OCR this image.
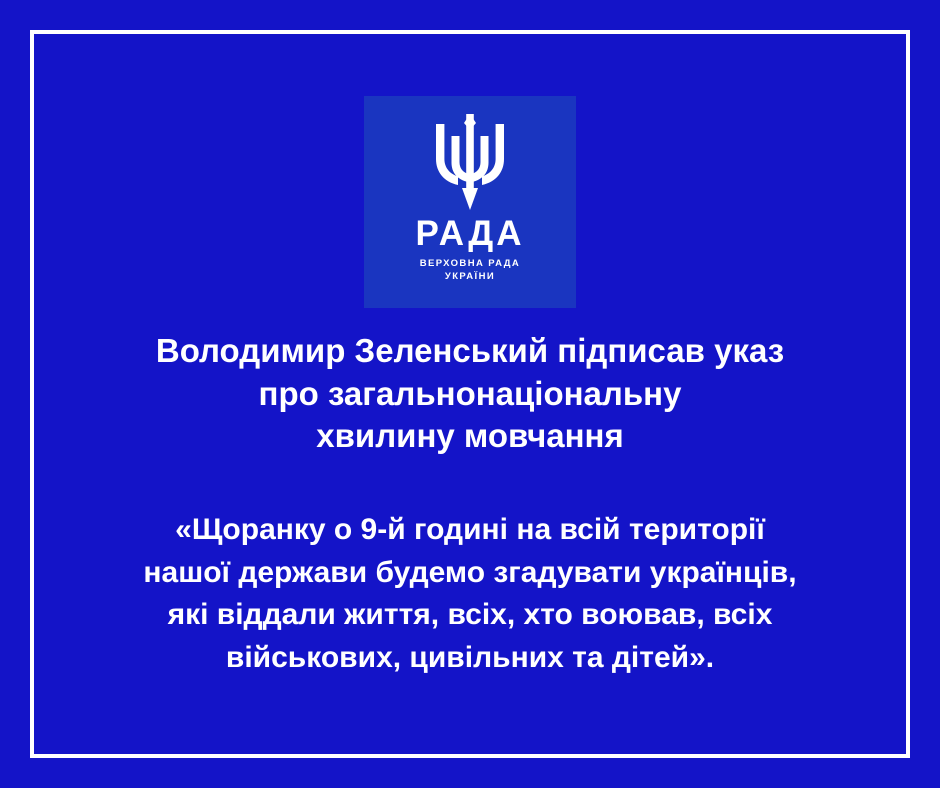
РАДА
ВЕРХОВНА РАДА
УКРАЇНИ
Володимир Зеленський підписав указ
про загальнонаціональну
хвилину мовчання

«Щоранку о 9-й годині на всій території
нашої держави будемо згадувати українців,
які віддали життя, всіх, хто воював, всіх
військових, цивільних та дітей».
